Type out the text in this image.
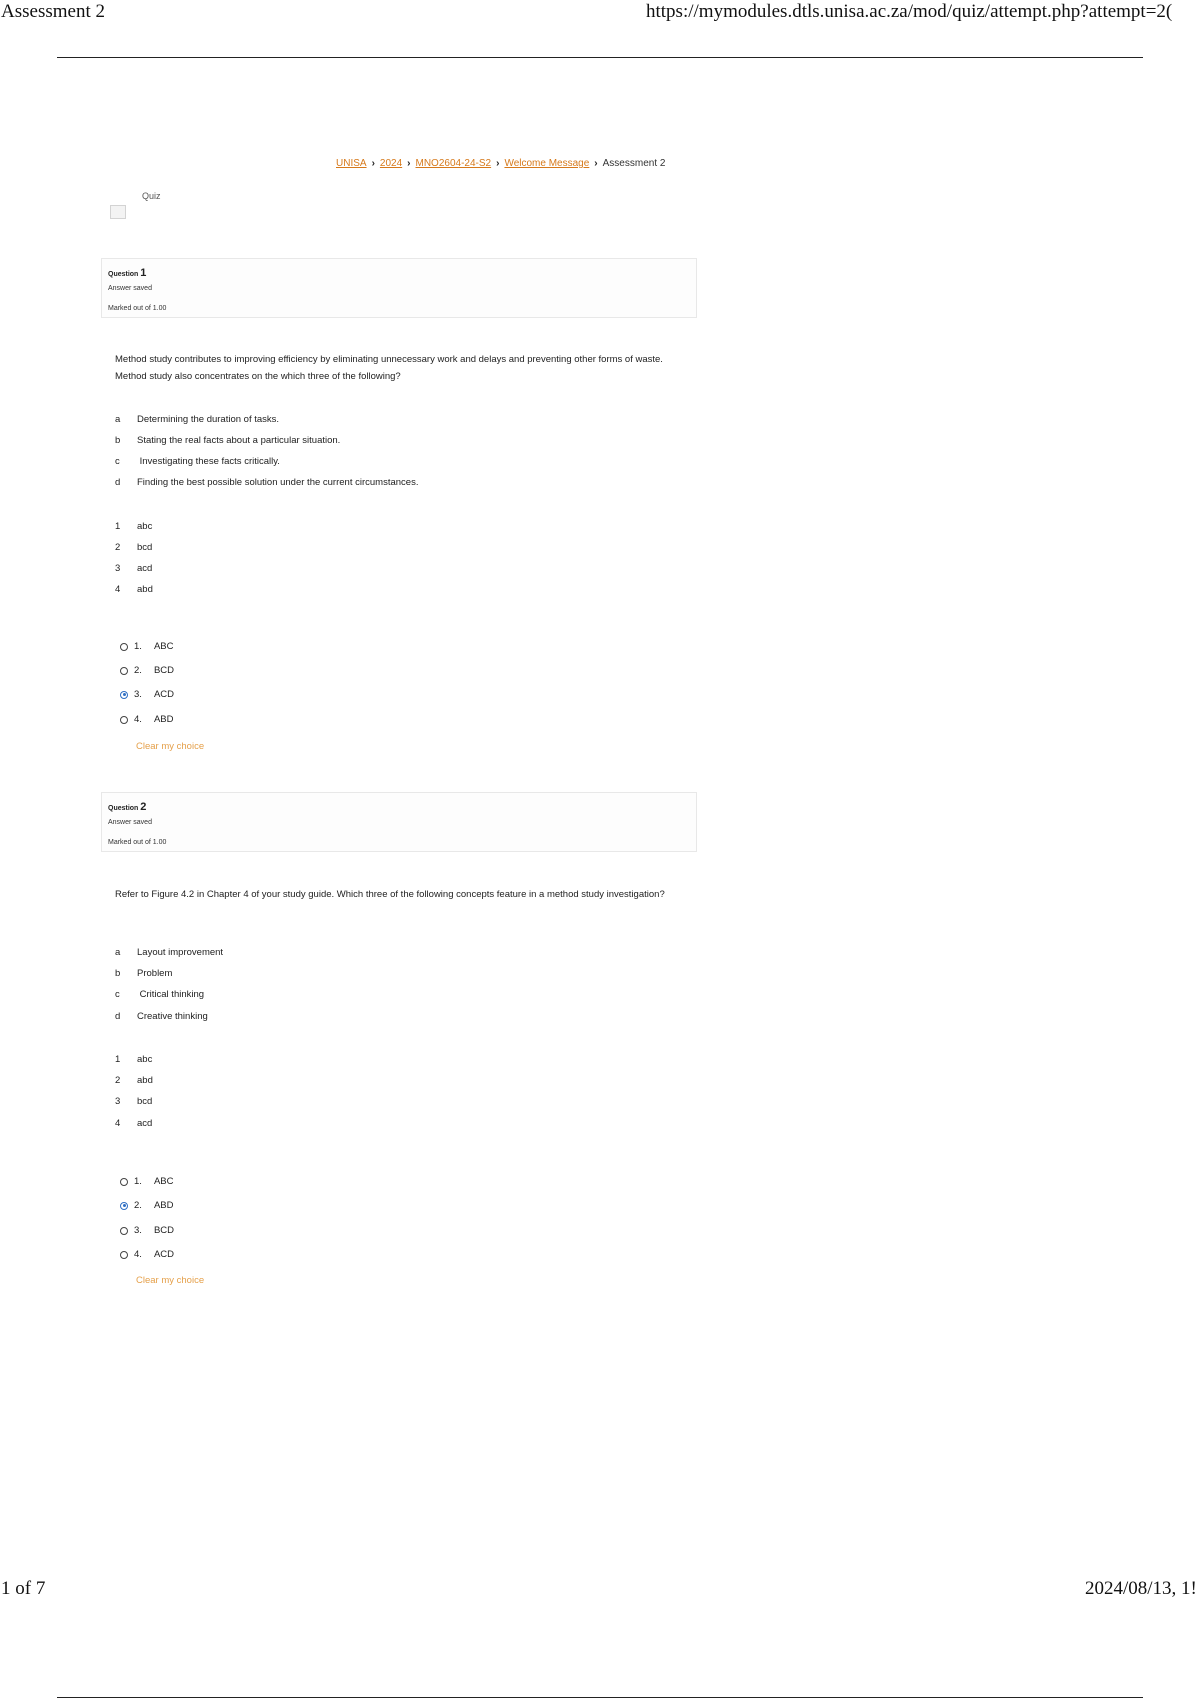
Assessment 2	https://mymodules.dtls.unisa.ac.za/mod/quiz/attempt.php?attempt=2(
UNISA › 2024 › MNO2604-24-S2 › Welcome Message › Assessment 2
Quiz
Question 1
Answer saved
Marked out of 1.00
Method study contributes to improving efficiency by eliminating unnecessary work and delays and preventing other forms of waste. Method study also concentrates on the which three of the following?
a Determining the duration of tasks.
b Stating the real facts about a particular situation.
c Investigating these facts critically.
d Finding the best possible solution under the current circumstances.
1 abc
2 bcd
3 acd
4 abd
1. ABC
2. BCD
3. ACD
4. ABD
Clear my choice
Question 2
Answer saved
Marked out of 1.00
Refer to Figure 4.2 in Chapter 4 of your study guide. Which three of the following concepts feature in a method study investigation?
a Layout improvement
b Problem
c Critical thinking
d Creative thinking
1 abc
2 abd
3 bcd
4 acd
1. ABC
2. ABD
3. BCD
4. ACD
Clear my choice
1 of 7	2024/08/13, 1!
